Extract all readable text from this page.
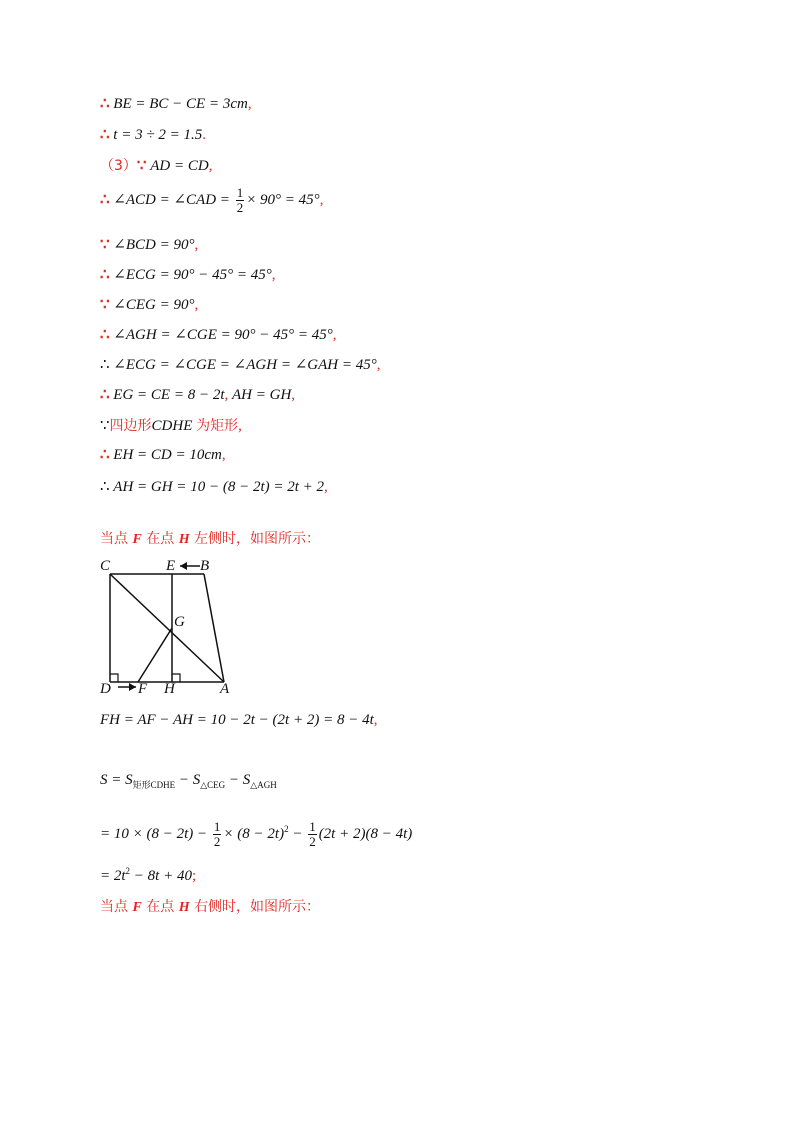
∴ BE = BC − CE = 3cm,
∴ t = 3 ÷ 2 = 1.5.
（3）∵ AD = CD,
∴ ∠ACD = ∠CAD = $\frac{1}{2} \times 90^\circ = 45^\circ$,
∵ ∠BCD = 90°,
∴ ∠ECG = 90° − 45° = 45°,
∵ ∠CEG = 90°,
∴ ∠AGH = ∠CGE = 90° − 45° = 45°,
∴ ∠ECG = ∠CGE = ∠AGH = ∠GAH = 45°,
∴ EG = CE = 8 − 2t, AH = GH,
∵四边形CDHE 为矩形,
∴ EH = CD = 10cm,
∴ AH = GH = 10 − (8 − 2t) = 2t + 2,
当点 F 在点 H 左侧时，如图所示：
C	E B
G
D F H	A
FH = AF − AH = 10 − 2t − (2t + 2) = 8 − 4t,
$S = S_{矩形CDHE} - S_{\triangle CEG} - S_{\triangle AGH}$
= $10 \times (8 - 2t) - \frac{1}{2} \times (8 - 2t)^2 - \frac{1}{2} (2t + 2)(8 - 4t)$
= $2t^2 - 8t + 40$;
当点 F 在点 H 右侧时，如图所示：
